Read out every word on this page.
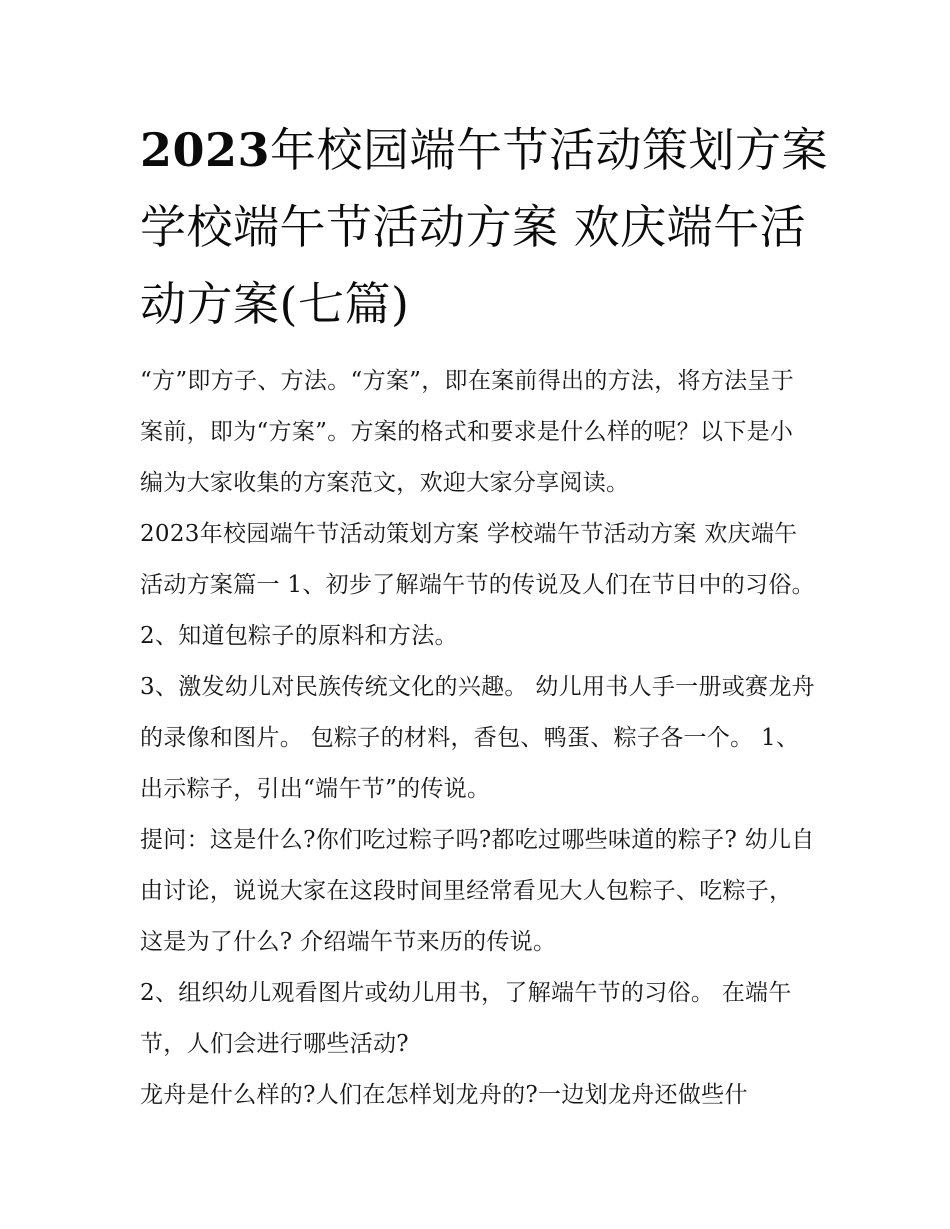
2023年校园端午节活动策划方案 学校端午节活动方案 欢庆端午活动方案(七篇)

“方”即方子、方法。“方案”，即在案前得出的方法，将方法呈于案前，即为“方案”。方案的格式和要求是什么样的呢？以下是小编为大家收集的方案范文，欢迎大家分享阅读。

2023年校园端午节活动策划方案 学校端午节活动方案 欢庆端午活动方案篇一 1、初步了解端午节的传说及人们在节日中的习俗。 2、知道包粽子的原料和方法。

3、激发幼儿对民族传统文化的兴趣。 幼儿用书人手一册或赛龙舟的录像和图片。 包粽子的材料，香包、鸭蛋、粽子各一个。 1、出示粽子，引出“端午节”的传说。

提问：这是什么?你们吃过粽子吗?都吃过哪些味道的粽子? 幼儿自由讨论，说说大家在这段时间里经常看见大人包粽子、吃粽子，这是为了什么? 介绍端午节来历的传说。

2、组织幼儿观看图片或幼儿用书，了解端午节的习俗。 在端午节，人们会进行哪些活动?

龙舟是什么样的?人们在怎样划龙舟的?一边划龙舟还做些什
